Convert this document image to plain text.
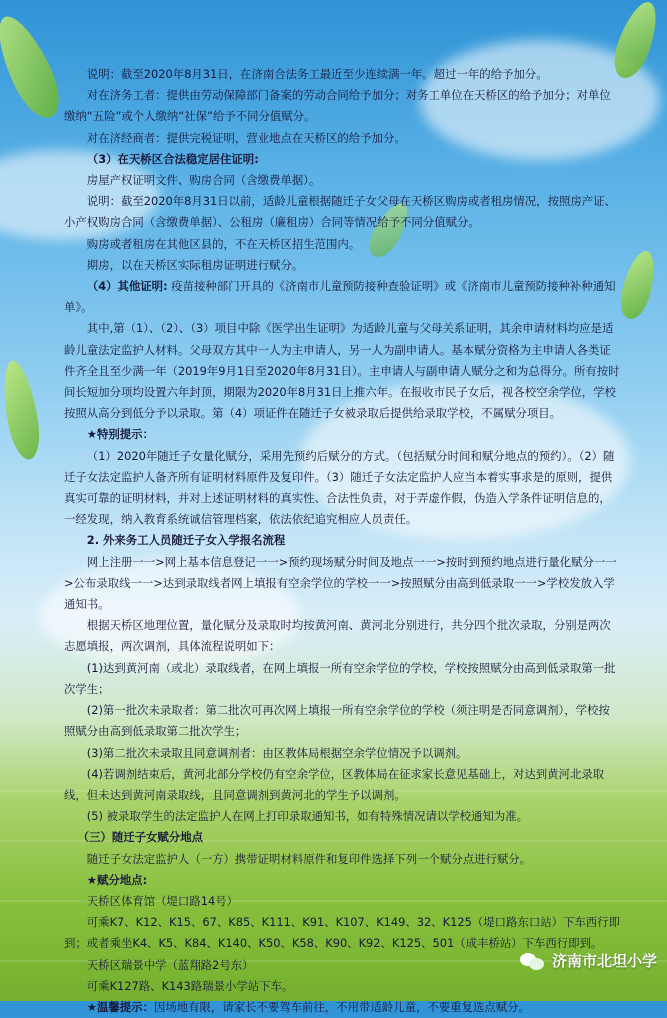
说明：截至2020年8月31日，在济南合法务工最近至少连续满一年。超过一年的给予加分。

对在济务工者：提供由劳动保障部门备案的劳动合同给予加分；对务工单位在天桥区的给予加分；对单位缴纳“五险”或个人缴纳“社保”给予不同分值赋分。

对在济经商者：提供完税证明，营业地点在天桥区的给予加分。

（3）在天桥区合法稳定居住证明:

房屋产权证明文件、购房合同（含缴费单据）。

说明：截至2020年8月31日以前，适龄儿童根据随迁子女父母在天桥区购房或者租房情况，按照房产证、小产权购房合同（含缴费单据）、公租房（廉租房）合同等情况给予不同分值赋分。

购房或者租房在其他区县的，不在天桥区招生范围内。

期房，以在天桥区实际租房证明进行赋分。

（4）其他证明: 疫苗接种部门开具的《济南市儿童预防接种查验证明》或《济南市儿童预防接种补种通知单》。

其中,第（1）、（2）、（3）项目中除《医学出生证明》为适龄儿童与父母关系证明，其余申请材料均应是适龄儿童法定监护人材料。父母双方其中一人为主申请人，另一人为副申请人。基本赋分资格为主申请人各类证件齐全且至少满一年（2019年9月1日至2020年8月31日）。主申请人与副申请人赋分之和为总得分。所有按时间长短加分项均设置六年封顶，期限为2020年8月31日上推六年。在报收市民子女后，视各校空余学位，学校按照从高分到低分予以录取。第（4）项证件在随迁子女被录取后提供给录取学校，不属赋分项目。

★特别提示：

（1）2020年随迁子女量化赋分，采用先预约后赋分的方式。（包括赋分时间和赋分地点的预约）。（2）随迁子女法定监护人备齐所有证明材料原件及复印件。（3）随迁子女法定监护人应当本着实事求是的原则，提供真实可靠的证明材料，并对上述证明材料的真实性、合法性负责，对于弄虚作假，伪造入学条件证明信息的，一经发现，纳入教育系统诚信管理档案，依法依纪追究相应人员责任。

2. 外来务工人员随迁子女入学报名流程

网上注册一一>网上基本信息登记一一>预约现场赋分时间及地点一一>按时到预约地点进行量化赋分一一>公布录取线一一>达到录取线者网上填报有空余学位的学校一一>按照赋分由高到低录取一一>学校发放入学通知书。

根据天桥区地理位置，量化赋分及录取时均按黄河南、黄河北分别进行，共分四个批次录取，分别是两次志愿填报，两次调剂，具体流程说明如下：

(1)达到黄河南（或北）录取线者，在网上填报一所有空余学位的学校，学校按照赋分由高到低录取第一批次学生；

(2)第一批次未录取者：第二批次可再次网上填报一所有空余学位的学校（须注明是否同意调剂），学校按照赋分由高到低录取第二批次学生；

(3)第二批次未录取且同意调剂者：由区教体局根据空余学位情况予以调剂。

(4)若调剂结束后，黄河北部分学校仍有空余学位，区教体局在征求家长意见基础上，对达到黄河北录取线，但未达到黄河南录取线，且同意调剂到黄河北的学生予以调剂。

(5) 被录取学生的法定监护人在网上打印录取通知书，如有特殊情况请以学校通知为准。

（三）随迁子女赋分地点

随迁子女法定监护人（一方）携带证明材料原件和复印件选择下列一个赋分点进行赋分。

★赋分地点:

天桥区体育馆（堤口路14号）

可乘K7、K12、K15、67、K85、K111、K91、K107、K149、32、K125（堤口路东口站）下车西行即到；或者乘坐K4、K5、K84、K140、K50、K58、K90、K92、K125、501（成丰桥站）下车西行即到。

天桥区瑞景中学（蓝翔路2号东）

可乘K127路、K143路瑞景小学站下车。

★温馨提示：因场地有限，请家长不要驾车前往，不用带适龄儿童，不要重复选点赋分。

济南市北坦小学
